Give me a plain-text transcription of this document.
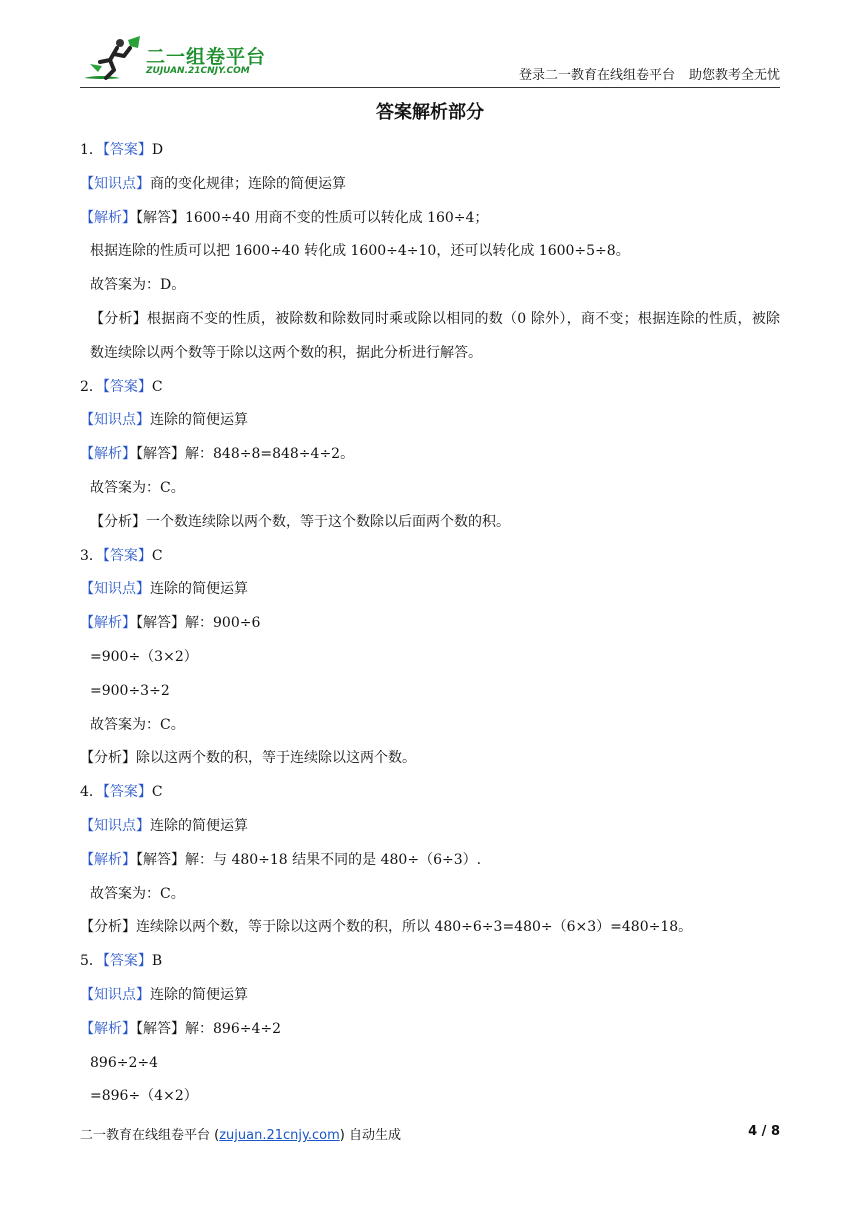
二一组卷平台
ZUJUAN.21CNJY.COM	登录二一教育在线组卷平台 助您教考全无忧
答案解析部分
1．【答案】D
【知识点】商的变化规律；连除的简便运算
【解析】【解答】1600÷40 用商不变的性质可以转化成 160÷4；
根据连除的性质可以把 1600÷40 转化成 1600÷4÷10，还可以转化成 1600÷5÷8。
故答案为：D。
【分析】根据商不变的性质，被除数和除数同时乘或除以相同的数（0 除外），商不变；根据连除的性质，被除数连续除以两个数等于除以这两个数的积，据此分析进行解答。
2．【答案】C
【知识点】连除的简便运算
【解析】【解答】解：848÷8=848÷4÷2。
故答案为：C。
【分析】一个数连续除以两个数，等于这个数除以后面两个数的积。
3．【答案】C
【知识点】连除的简便运算
【解析】【解答】解：900÷6
=900÷（3×2）
=900÷3÷2
故答案为：C。
【分析】除以这两个数的积，等于连续除以这两个数。
4．【答案】C
【知识点】连除的简便运算
【解析】【解答】解：与 480÷18 结果不同的是 480÷（6÷3）.
故答案为：C。
【分析】连续除以两个数，等于除以这两个数的积，所以 480÷6÷3=480÷（6×3）=480÷18。
5．【答案】B
【知识点】连除的简便运算
【解析】【解答】解：896÷4÷2
896÷2÷4
=896÷（4×2）
二一教育在线组卷平台 (zujuan.21cnjy.com) 自动生成	4 / 8
